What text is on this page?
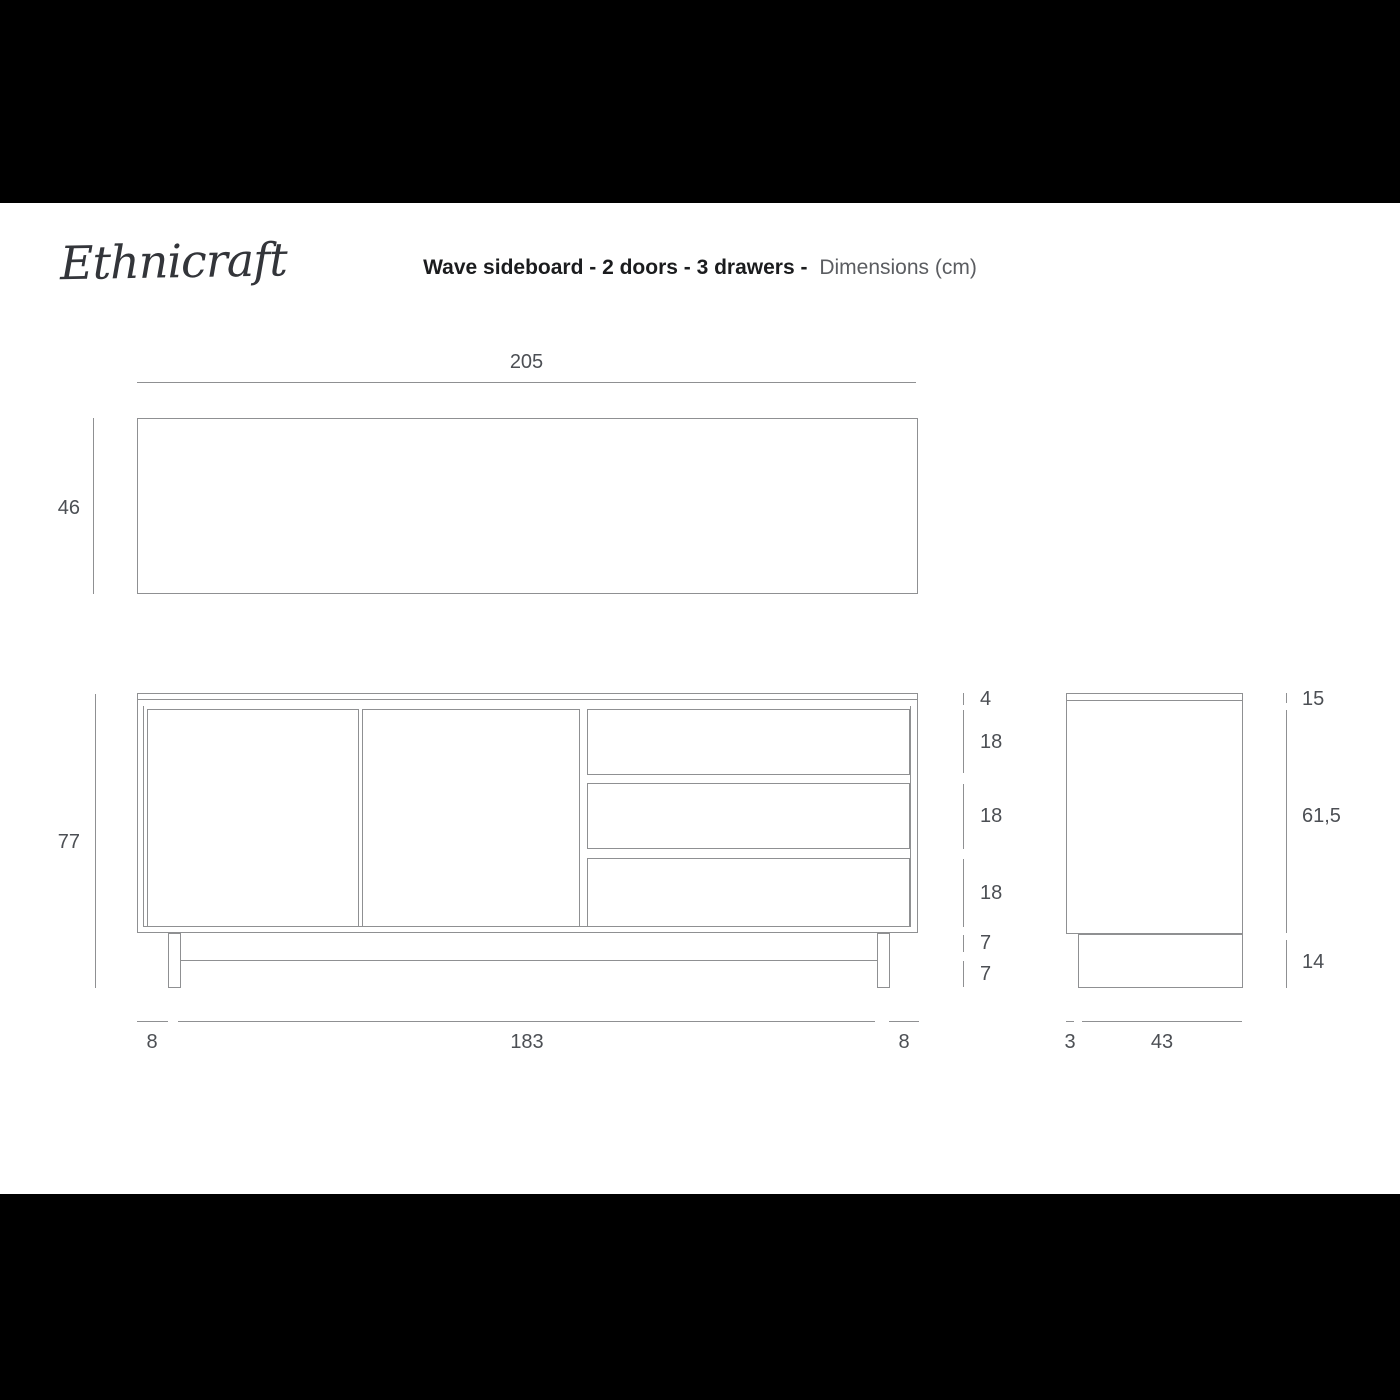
Ethnicraft	Wave sideboard - 2 doors - 3 drawers - Dimensions (cm)
205
46
77
4
18
18
18
7
7
8	183	8
15
61,5
14
3	43
